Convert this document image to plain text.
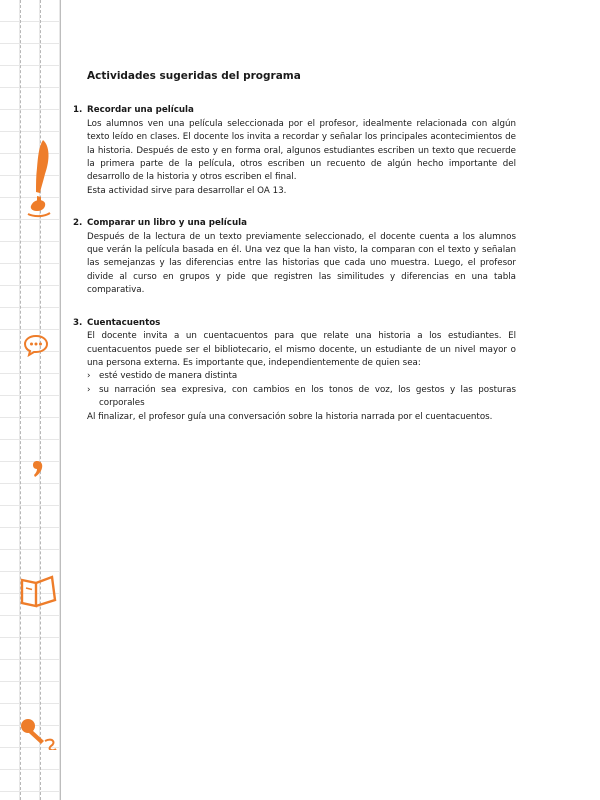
Actividades sugeridas del programa
1. Recordar una película

Los alumnos ven una película seleccionada por el profesor, idealmente relacionada con algún texto leído en clases. El docente los invita a recordar y señalar los principales acontecimientos de la historia. Después de esto y en forma oral, algunos estudiantes escriben un texto que recuerde la primera parte de la película, otros escriben un recuento de algún hecho importante del desarrollo de la historia y otros escriben el final.

Esta actividad sirve para desarrollar el OA 13.

2. Comparar un libro y una película

Después de la lectura de un texto previamente seleccionado, el docente cuenta a los alumnos que verán la película basada en él. Una vez que la han visto, la comparan con el texto y señalan las semejanzas y las diferencias entre las historias que cada uno muestra. Luego, el profesor divide al curso en grupos y pide que registren las similitudes y diferencias en una tabla comparativa.

3. Cuentacuentos

El docente invita a un cuentacuentos para que relate una historia a los estudiantes. El cuentacuentos puede ser el bibliotecario, el mismo docente, un estudiante de un nivel mayor o una persona externa. Es importante que, independientemente de quien sea:

› esté vestido de manera distinta
› su narración sea expresiva, con cambios en los tonos de voz, los gestos y las posturas corporales

Al finalizar, el profesor guía una conversación sobre la historia narrada por el cuentacuentos.
